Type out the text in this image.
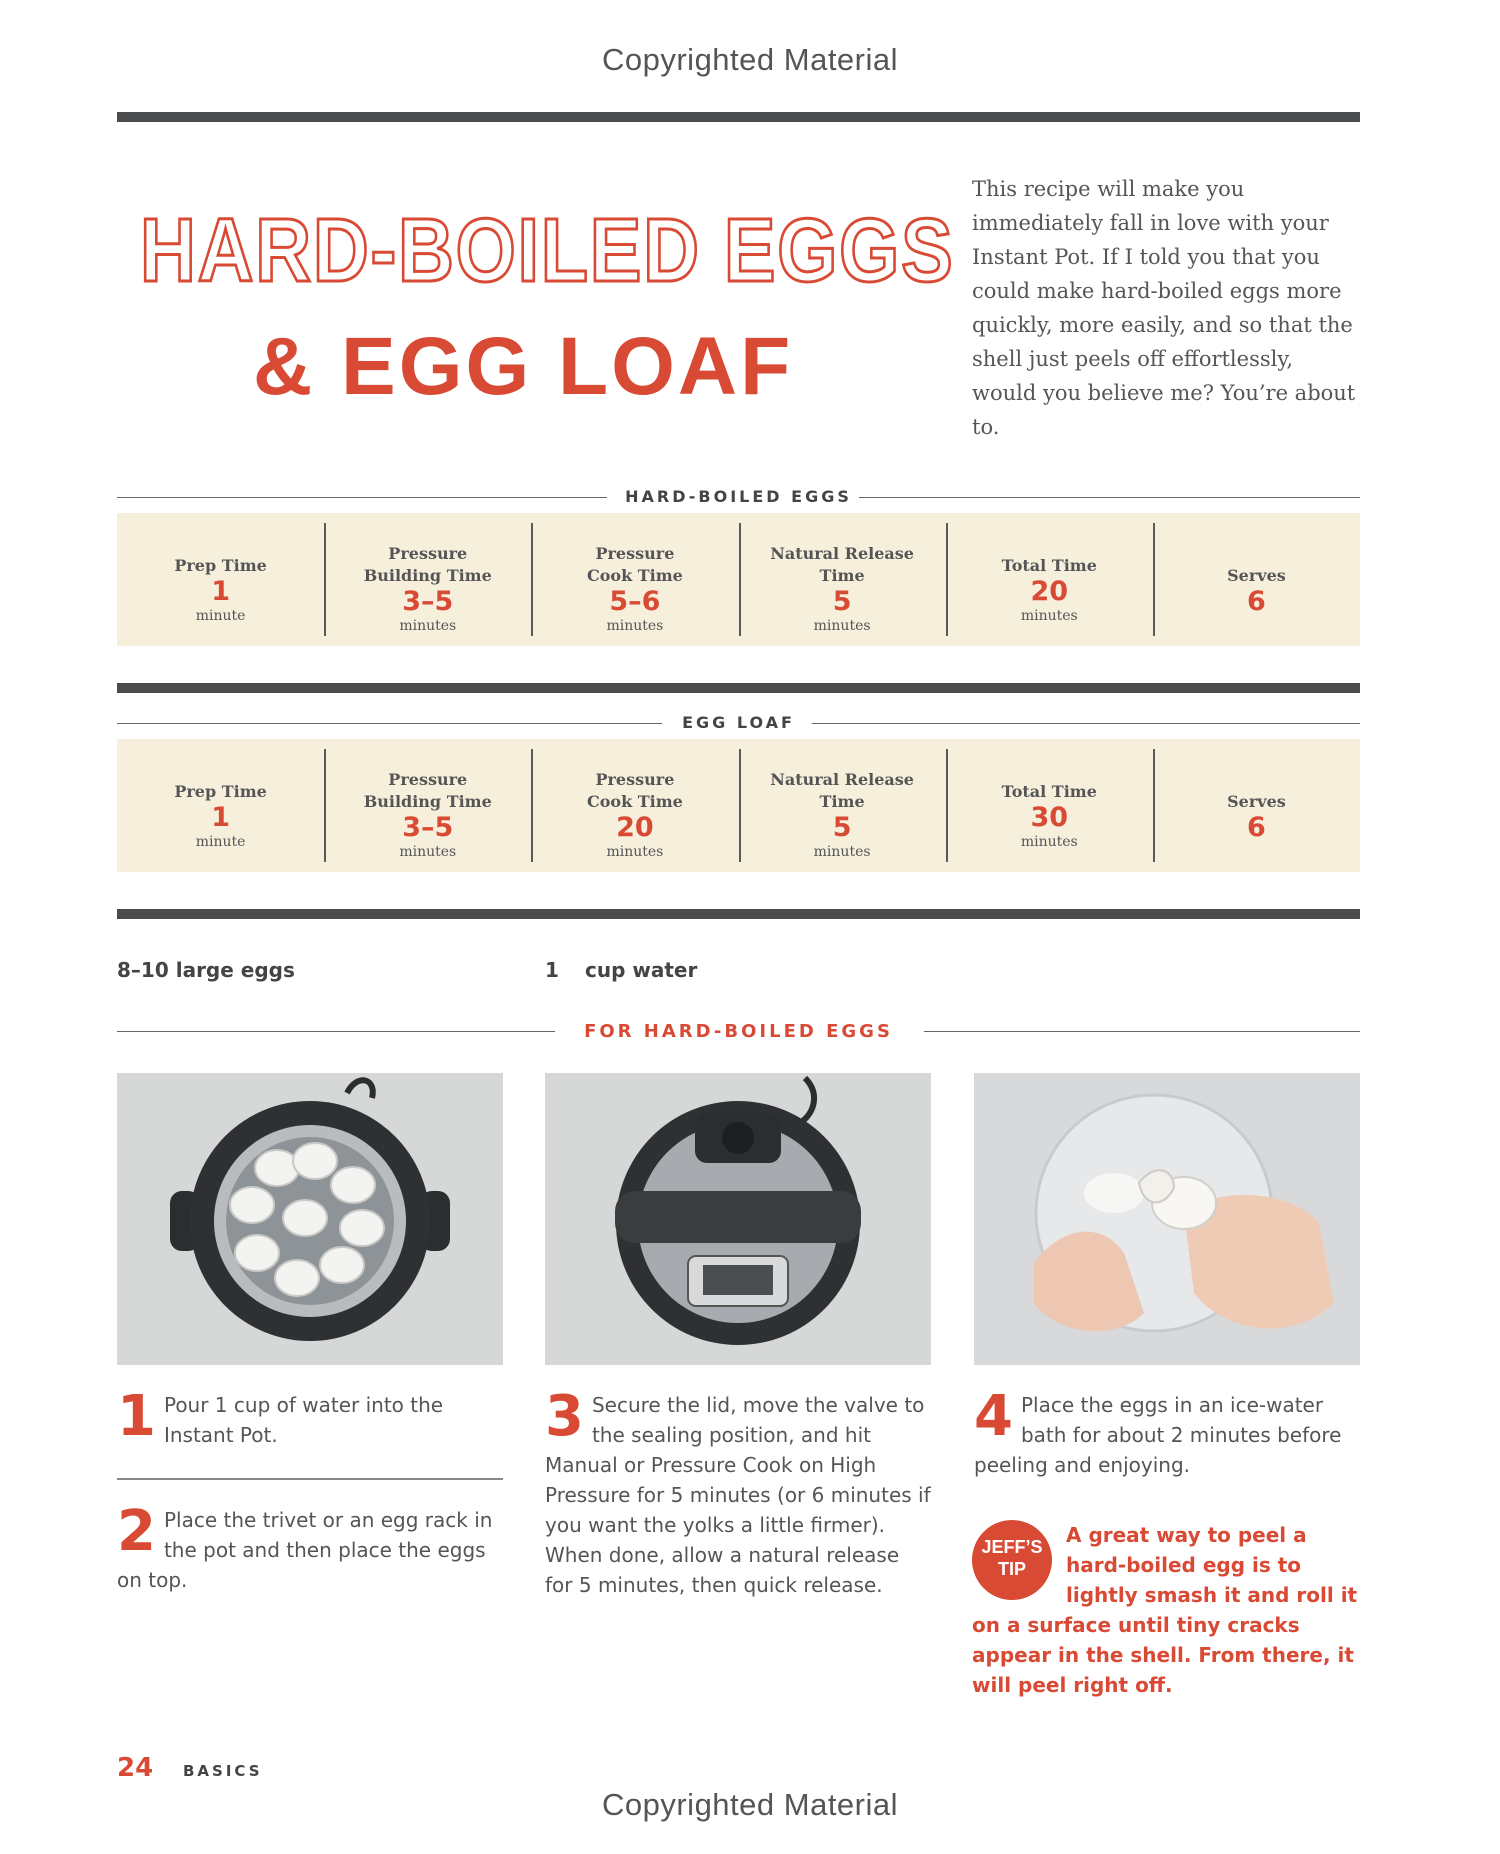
Copyrighted Material
HARD-BOILED EGGS
& EGG LOAF
This recipe will make you immediately fall in love with your Instant Pot. If I told you that you could make hard-boiled eggs more quickly, more easily, and so that the shell just peels off effortlessly, would you believe me? You’re about to.
HARD-BOILED EGGS
Prep Time
1
minute
Pressure Building Time
3–5
minutes
Pressure Cook Time
5–6
minutes
Natural Release Time
5
minutes
Total Time
20
minutes
Serves
6
EGG LOAF
Prep Time
1
minute
Pressure Building Time
3–5
minutes
Pressure Cook Time
20
minutes
Natural Release Time
5
minutes
Total Time
30
minutes
Serves
6
8–10 large eggs	1 cup water
FOR HARD-BOILED EGGS
1 Pour 1 cup of water into the Instant Pot.
2 Place the trivet or an egg rack in the pot and then place the eggs on top.
3 Secure the lid, move the valve to the sealing position, and hit Manual or Pressure Cook on High Pressure for 5 minutes (or 6 minutes if you want the yolks a little firmer). When done, allow a natural release for 5 minutes, then quick release.
4 Place the eggs in an ice-water bath for about 2 minutes before peeling and enjoying.
JEFF’S
TIP
A great way to peel a hard-boiled egg is to lightly smash it and roll it on a surface until tiny cracks appear in the shell. From there, it will peel right off.
24 BASICS
Copyrighted Material
